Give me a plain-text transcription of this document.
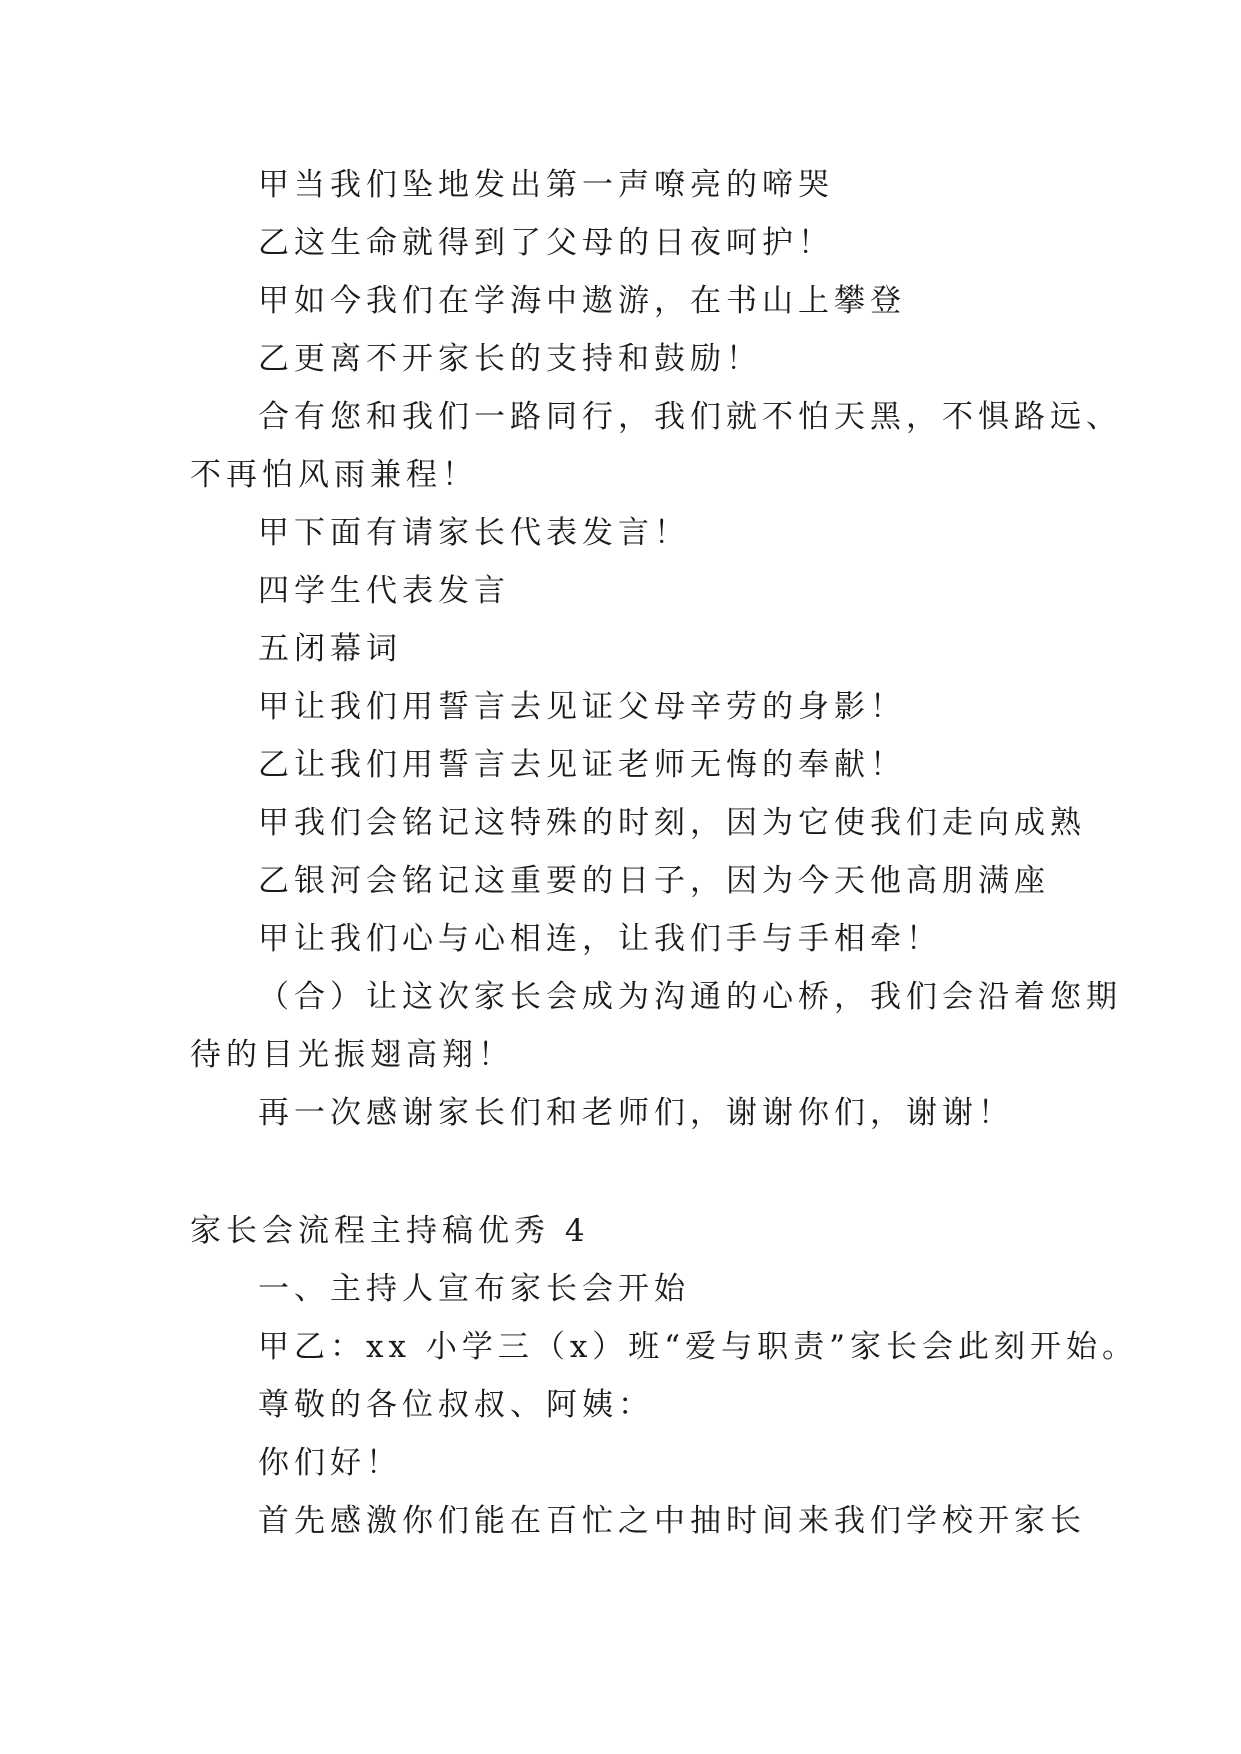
甲当我们坠地发出第一声嘹亮的啼哭
乙这生命就得到了父母的日夜呵护！
甲如今我们在学海中遨游，在书山上攀登
乙更离不开家长的支持和鼓励！
合有您和我们一路同行，我们就不怕天黑，不惧路远、
不再怕风雨兼程！
甲下面有请家长代表发言！
四学生代表发言
五闭幕词
甲让我们用誓言去见证父母辛劳的身影！
乙让我们用誓言去见证老师无悔的奉献！
甲我们会铭记这特殊的时刻，因为它使我们走向成熟
乙银河会铭记这重要的日子，因为今天他高朋满座
甲让我们心与心相连，让我们手与手相牵！
（合）让这次家长会成为沟通的心桥，我们会沿着您期
待的目光振翅高翔！
再一次感谢家长们和老师们，谢谢你们，谢谢！
家长会流程主持稿优秀 4
一、主持人宣布家长会开始
甲乙：xx 小学三（x）班“爱与职责”家长会此刻开始。
尊敬的各位叔叔、阿姨：
你们好！
首先感激你们能在百忙之中抽时间来我们学校开家长
